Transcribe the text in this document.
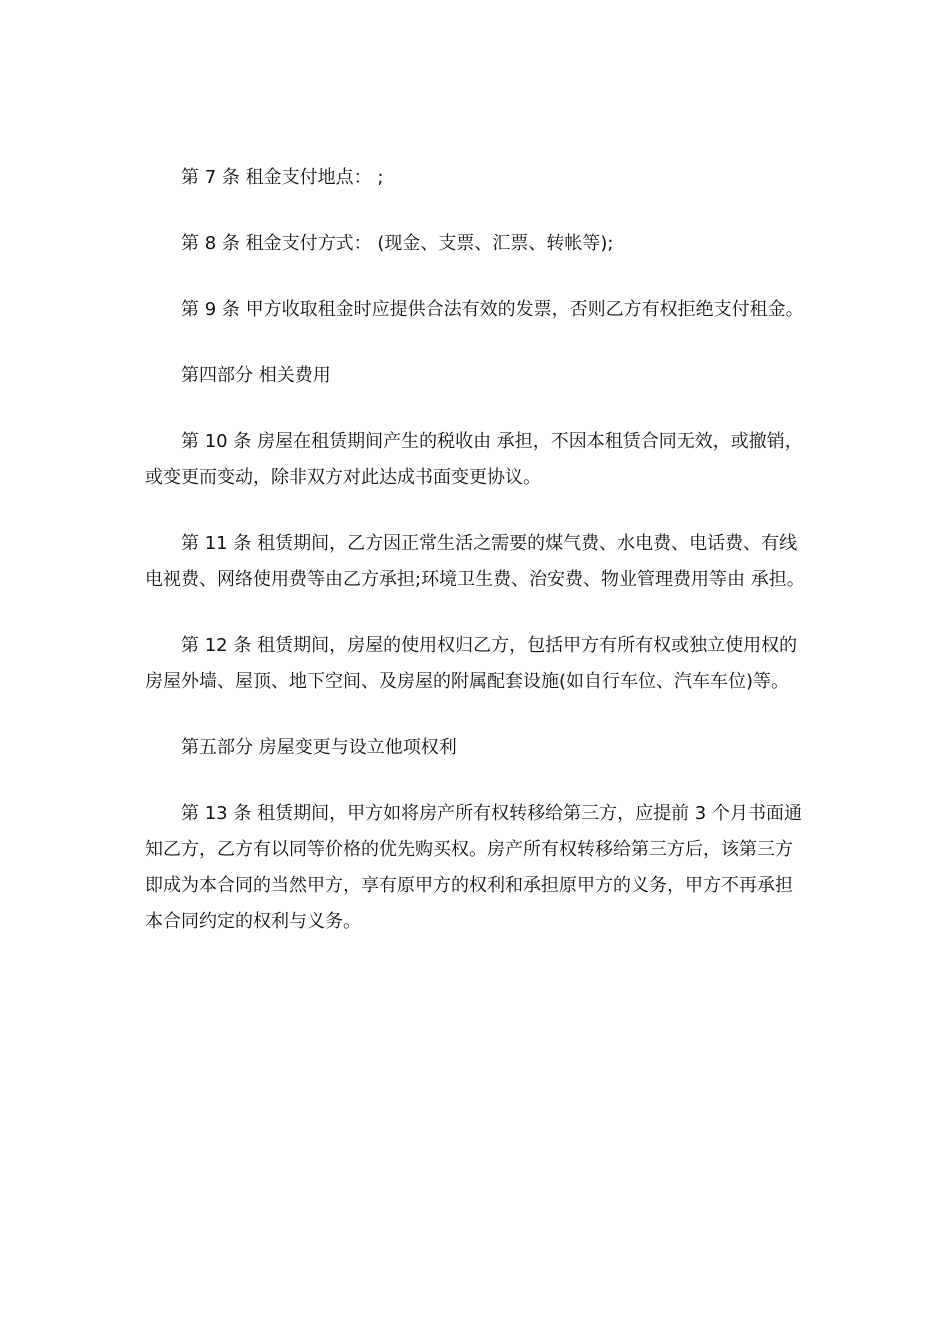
第 7 条 租金支付地点： ;

第 8 条 租金支付方式： (现金、支票、汇票、转帐等);

第 9 条 甲方收取租金时应提供合法有效的发票，否则乙方有权拒绝支付租金。

第四部分 相关费用

第 10 条 房屋在租赁期间产生的税收由 承担，不因本租赁合同无效，或撤销，或变更而变动，除非双方对此达成书面变更协议。

第 11 条 租赁期间，乙方因正常生活之需要的煤气费、水电费、电话费、有线电视费、网络使用费等由乙方承担;环境卫生费、治安费、物业管理费用等由 承担。

第 12 条 租赁期间，房屋的使用权归乙方，包括甲方有所有权或独立使用权的房屋外墙、屋顶、地下空间、及房屋的附属配套设施(如自行车位、汽车车位)等。

第五部分 房屋变更与设立他项权利

第 13 条 租赁期间，甲方如将房产所有权转移给第三方，应提前 3 个月书面通知乙方，乙方有以同等价格的优先购买权。房产所有权转移给第三方后，该第三方即成为本合同的当然甲方，享有原甲方的权利和承担原甲方的义务，甲方不再承担本合同约定的权利与义务。
